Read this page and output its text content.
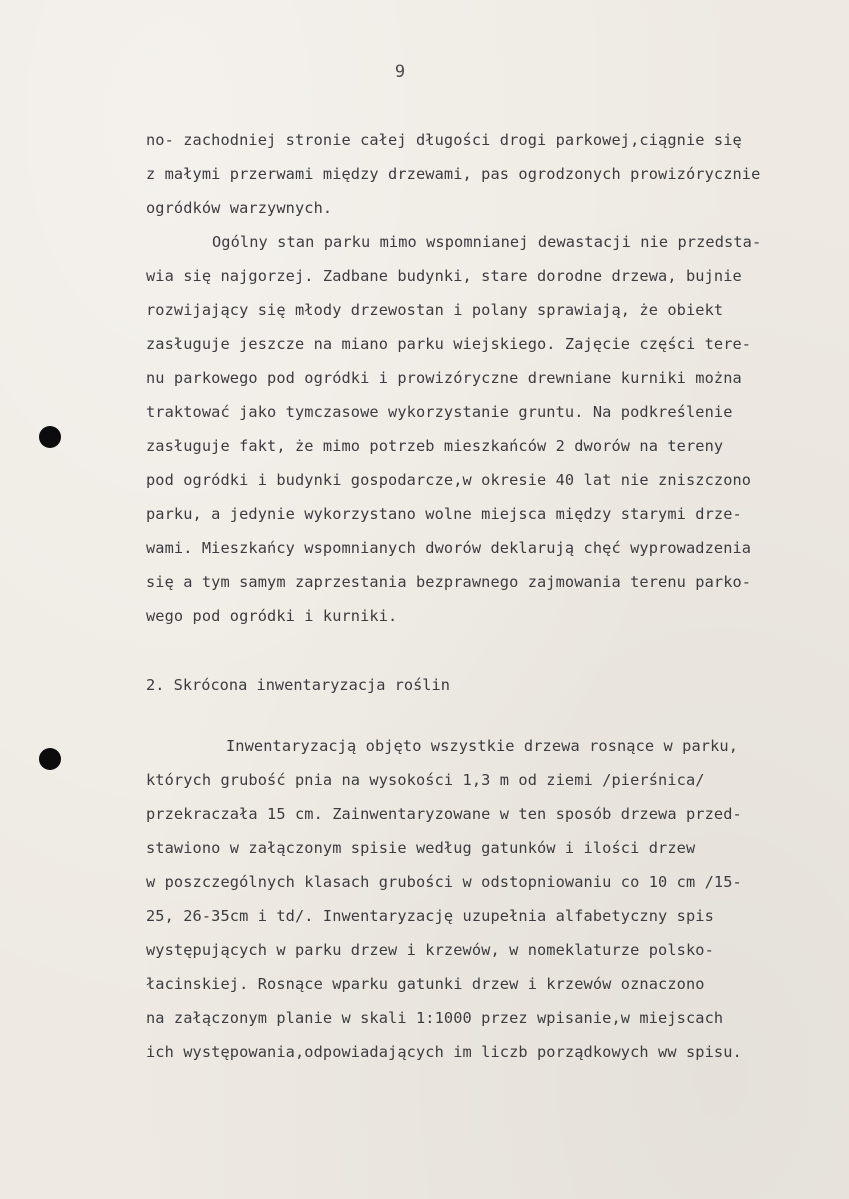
9
no- zachodniej stronie całej długości drogi parkowej,ciągnie się
z małymi przerwami między drzewami, pas ogrodzonych prowizórycznie
ogródków warzywnych.
Ogólny stan parku mimo wspomnianej dewastacji nie przedsta-
wia się najgorzej. Zadbane budynki, stare dorodne drzewa, bujnie
rozwijający się młody drzewostan i polany sprawiają, że obiekt
zasługuje jeszcze na miano parku wiejskiego. Zajęcie części tere-
nu parkowego pod ogródki i prowizóryczne drewniane kurniki można
traktować jako tymczasowe wykorzystanie gruntu. Na podkreślenie
zasługuje fakt, że mimo potrzeb mieszkańców 2 dworów na tereny
pod ogródki i budynki gospodarcze,w okresie 40 lat nie zniszczono
parku, a jedynie wykorzystano wolne miejsca między starymi drze-
wami. Mieszkańcy wspomnianych dworów deklarują chęć wyprowadzenia
się a tym samym zaprzestania bezprawnego zajmowania terenu parko-
wego pod ogródki i kurniki.
2. Skrócona inwentaryzacja roślin
Inwentaryzacją objęto wszystkie drzewa rosnące w parku,
których grubość pnia na wysokości 1,3 m od ziemi /pierśnica/
przekraczała 15 cm. Zainwentaryzowane w ten sposób drzewa przed-
stawiono w załączonym spisie według gatunków i ilości drzew
w poszczególnych klasach grubości w odstopniowaniu co 10 cm /15-
25, 26-35cm i td/. Inwentaryzację uzupełnia alfabetyczny spis
występujących w parku drzew i krzewów, w nomeklaturze polsko-
łacinskiej. Rosnące wparku gatunki drzew i krzewów oznaczono
na załączonym planie w skali 1:1000 przez wpisanie,w miejscach
ich występowania,odpowiadających im liczb porządkowych ww spisu.
